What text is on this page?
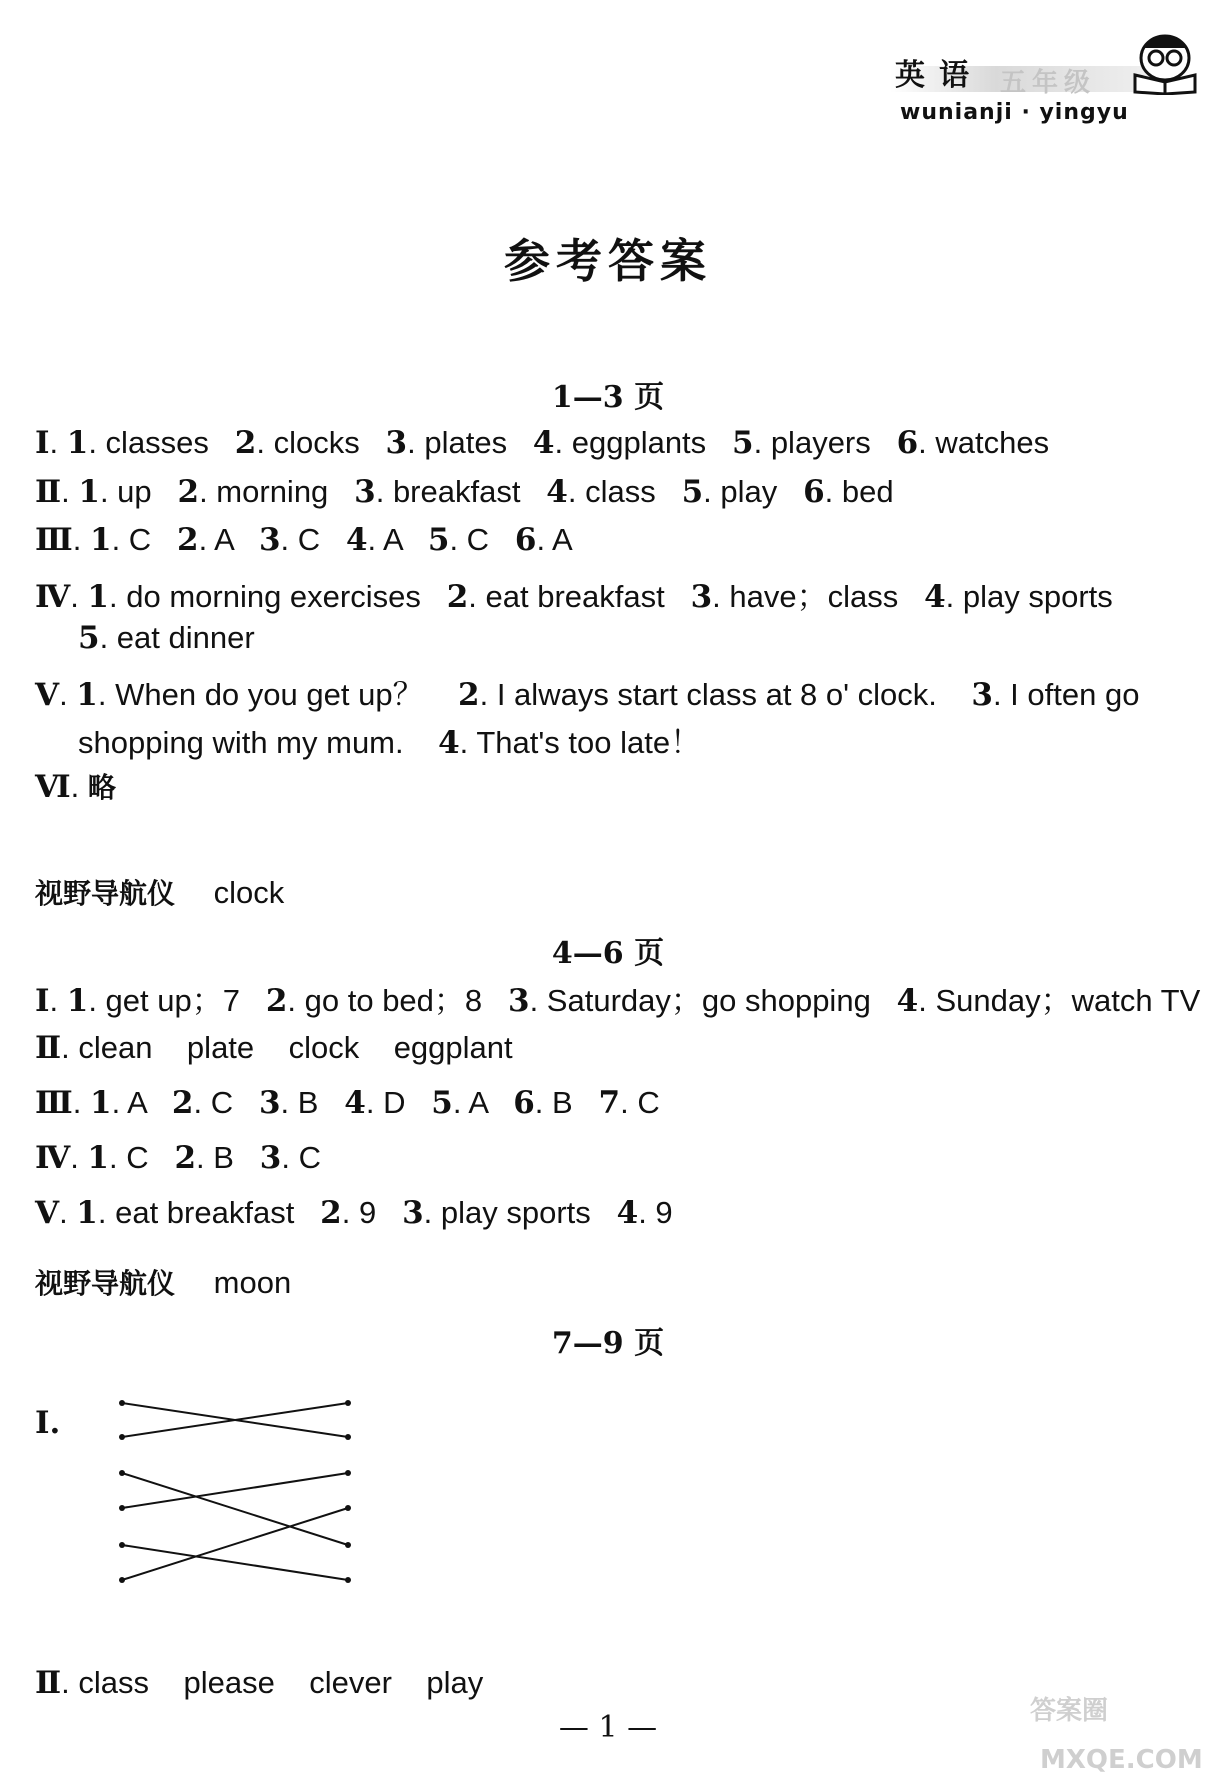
英语 五年级
wunianji · yingyu
参考答案
1—3 页
Ⅰ. 1. classes   2. clocks   3. plates   4. eggplants   5. players   6. watches
Ⅱ. 1. up   2. morning   3. breakfast   4. class   5. play   6. bed
Ⅲ. 1. C   2. A   3. C   4. A   5. C   6. A
Ⅳ. 1. do morning exercises   2. eat breakfast   3. have；class   4. play sports
5. eat dinner
Ⅴ. 1. When do you get up？    2. I always start class at 8 o' clock.    3. I often go
shopping with my mum.    4. That's too late！
Ⅵ. 略
视野导航仪 clock
4—6 页
Ⅰ. 1. get up；7   2. go to bed；8   3. Saturday；go shopping   4. Sunday；watch TV
Ⅱ. clean    plate    clock    eggplant
Ⅲ. 1. A   2. C   3. B   4. D   5. A   6. B   7. C
Ⅳ. 1. C   2. B   3. C
Ⅴ. 1. eat breakfast   2. 9   3. play sports   4. 9
视野导航仪 moon
7—9 页
Ⅰ.
Ⅱ. class    please    clever    play
— 1 —	答案圈
MXQE.COM
